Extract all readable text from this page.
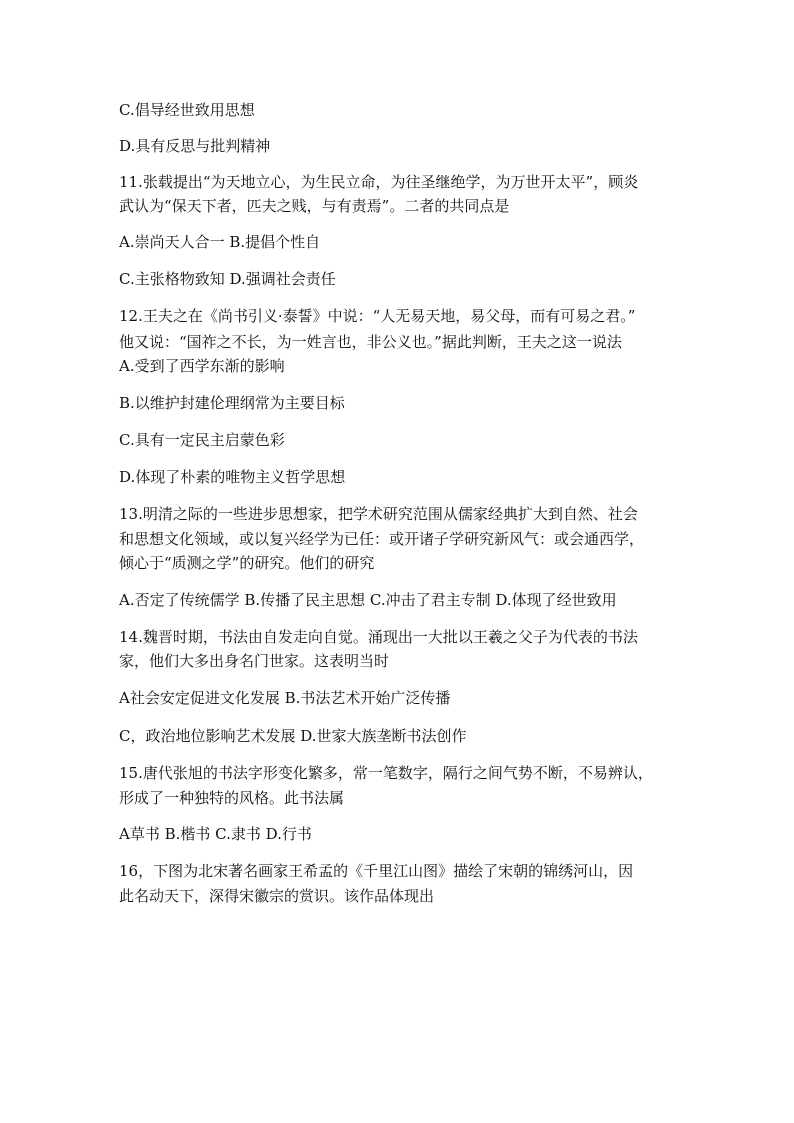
C.倡导经世致用思想
D.具有反思与批判精神
11.张载提出“为天地立心，为生民立命，为往圣继绝学，为万世开太平”，顾炎
武认为“保天下者，匹夫之贱，与有责焉”。二者的共同点是
A.崇尚天人合一 B.提倡个性自
C.主张格物致知 D.强调社会责任
12.王夫之在《尚书引义·泰誓》中说：“人无易天地，易父母，而有可易之君。”
他又说：“国祚之不长，为一姓言也，非公义也。”据此判断，王夫之这一说法
A.受到了西学东渐的影响
B.以维护封建伦理纲常为主要目标
C.具有一定民主启蒙色彩
D.体现了朴素的唯物主义哲学思想
13.明清之际的一些进步思想家，把学术研究范围从儒家经典扩大到自然、社会
和思想文化领域，或以复兴经学为已任：或开诸子学研究新风气：或会通西学，
倾心于“质测之学”的研究。他们的研究
A.否定了传统儒学 B.传播了民主思想 C.冲击了君主专制 D.体现了经世致用
14.魏晋时期，书法由自发走向自觉。涌现出一大批以王羲之父子为代表的书法
家，他们大多出身名门世家。这表明当时
A社会安定促进文化发展 B.书法艺术开始广泛传播
C，政治地位影响艺术发展 D.世家大族垄断书法创作
15.唐代张旭的书法字形变化繁多，常一笔数字，隔行之间气势不断，不易辨认，
形成了一种独特的风格。此书法属
A草书 B.楷书 C.隶书 D.行书
16，下图为北宋著名画家王希孟的《千里江山图》描绘了宋朝的锦绣河山，因
此名动天下，深得宋徽宗的赏识。该作品体现出
